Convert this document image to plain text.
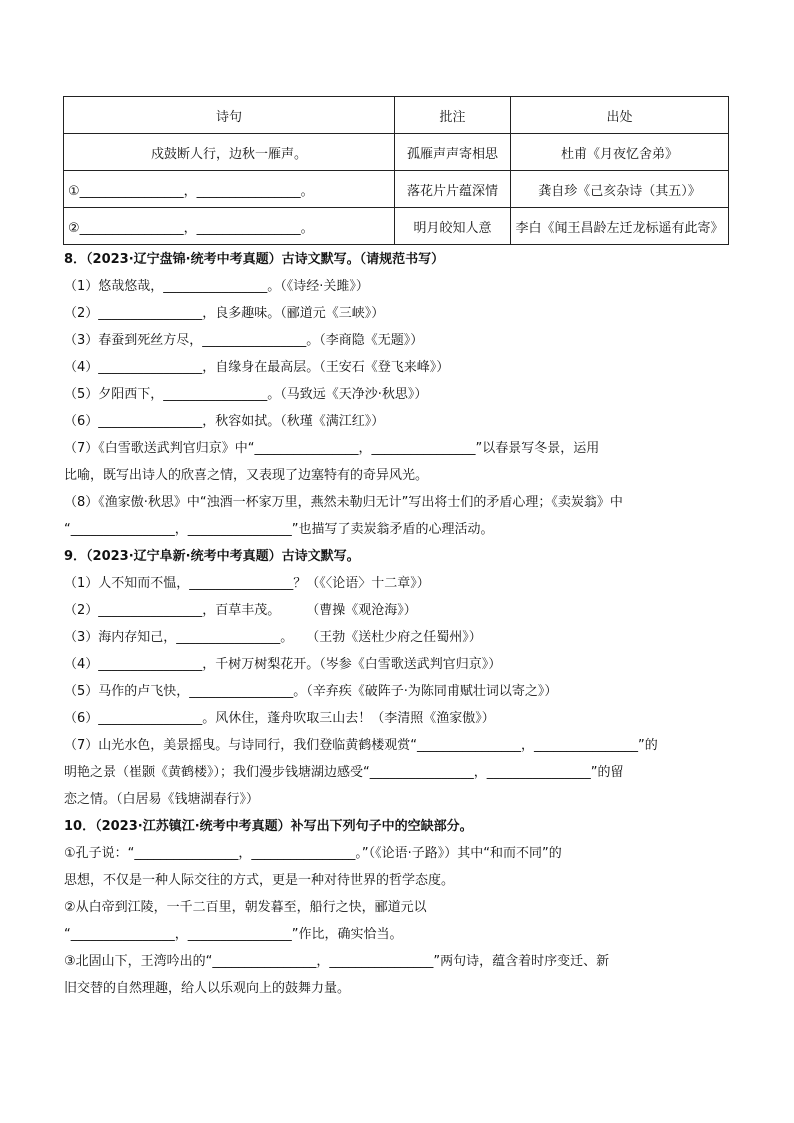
诗句	批注	出处
戍鼓断人行，边秋一雁声。	孤雁声声寄相思	杜甫《月夜忆舍弟》
①________________，________________。	落花片片蕴深情	龚自珍《己亥杂诗（其五）》
②________________，________________。	明月皎知人意	李白《闻王昌龄左迁龙标遥有此寄》
8．（2023·辽宁盘锦·统考中考真题）古诗文默写。（请规范书写）
（1）悠哉悠哉，________________。（《诗经·关雎》）
（2）________________，良多趣味。（郦道元《三峡》）
（3）春蚕到死丝方尽，________________。（李商隐《无题》）
（4）________________，自缘身在最高层。（王安石《登飞来峰》）
（5）夕阳西下，________________。（马致远《天净沙·秋思》）
（6）________________，秋容如拭。（秋瑾《满江红》）
（7）《白雪歌送武判官归京》中“________________，________________”以春景写冬景，运用
比喻，既写出诗人的欣喜之情，又表现了边塞特有的奇异风光。
（8）《渔家傲·秋思》中“浊酒一杯家万里，燕然未勒归无计”写出将士们的矛盾心理；《卖炭翁》中
“________________，________________”也描写了卖炭翁矛盾的心理活动。
9．（2023·辽宁阜新·统考中考真题）古诗文默写。
（1）人不知而不愠，________________？（《〈论语〉十二章》）
（2）________________，百草丰茂。　　　（曹操《观沧海》）
（3）海内存知己，________________。　　（王勃《送杜少府之任蜀州》）
（4）________________，千树万树梨花开。（岑参《白雪歌送武判官归京》）
（5）马作的卢飞快，________________。（辛弃疾《破阵子·为陈同甫赋壮词以寄之》）
（6）________________。风休住，蓬舟吹取三山去！（李清照《渔家傲》）
（7）山光水色，美景摇曳。与诗同行，我们登临黄鹤楼观赏“________________，________________”的
明艳之景（崔颢《黄鹤楼》）；我们漫步钱塘湖边感受“________________，________________”的留
恋之情。（白居易《钱塘湖春行》）
10．（2023·江苏镇江·统考中考真题）补写出下列句子中的空缺部分。
①孔子说：“________________，________________。”（《论语·子路》）其中“和而不同”的
思想，不仅是一种人际交往的方式，更是一种对待世界的哲学态度。
②从白帝到江陵，一千二百里，朝发暮至，船行之快，郦道元以
“________________，________________”作比，确实恰当。
③北固山下，王湾吟出的“________________，________________”两句诗，蕴含着时序变迁、新
旧交替的自然理趣，给人以乐观向上的鼓舞力量。
